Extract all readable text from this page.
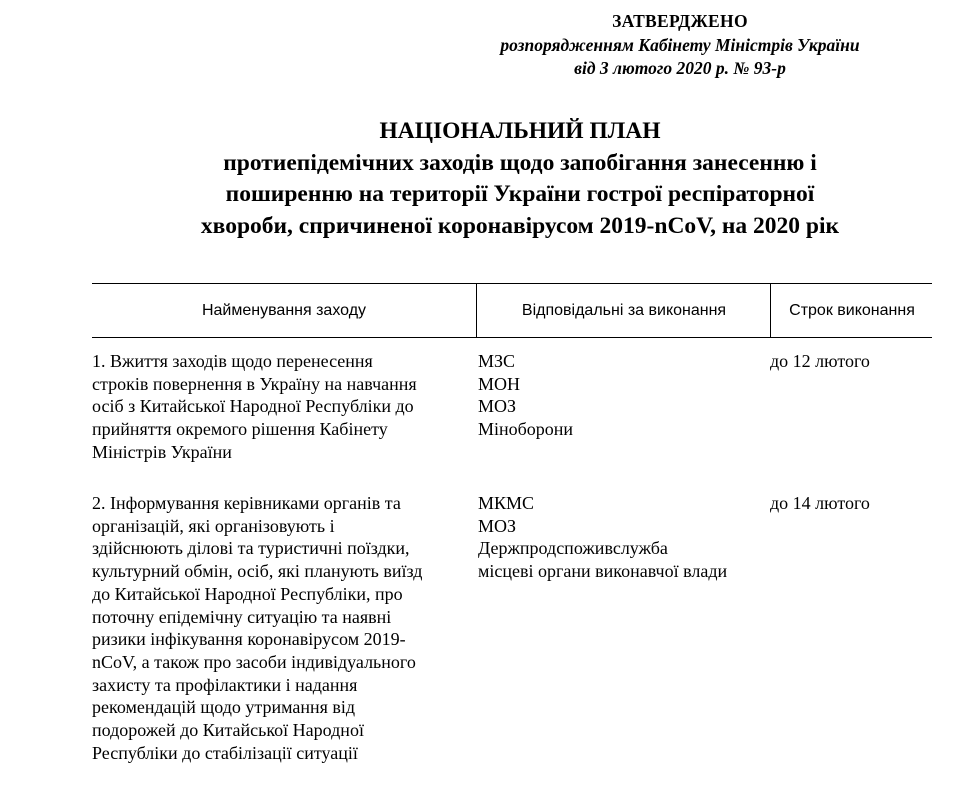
ЗАТВЕРДЖЕНО
розпорядженням Кабінету Міністрів України
від 3 лютого 2020 р. № 93-р
НАЦІОНАЛЬНИЙ ПЛАН
протиепідемічних заходів щодо запобігання занесенню і
поширенню на території України гострої респіраторної
хвороби, спричиненої коронавірусом 2019-nCoV, на 2020 рік
Найменування заходу	Відповідальні за виконання	Строк виконання
1. Вжиття заходів щодо перенесення
строків повернення в Україну на навчання
осіб з Китайської Народної Республіки до
прийняття окремого рішення Кабінету
Міністрів України
МЗС
МОН
МОЗ
Міноборони
до 12 лютого
2. Інформування керівниками органів та
організацій, які організовують і
здійснюють ділові та туристичні поїздки,
культурний обмін, осіб, які планують виїзд
до Китайської Народної Республіки, про
поточну епідемічну ситуацію та наявні
ризики інфікування коронавірусом 2019-
nCoV, а також про засоби індивідуального
захисту та профілактики і надання
рекомендацій щодо утримання від
подорожей до Китайської Народної
Республіки до стабілізації ситуації
МКМС
МОЗ
Держпродспоживслужба
місцеві органи виконавчої влади
до 14 лютого
